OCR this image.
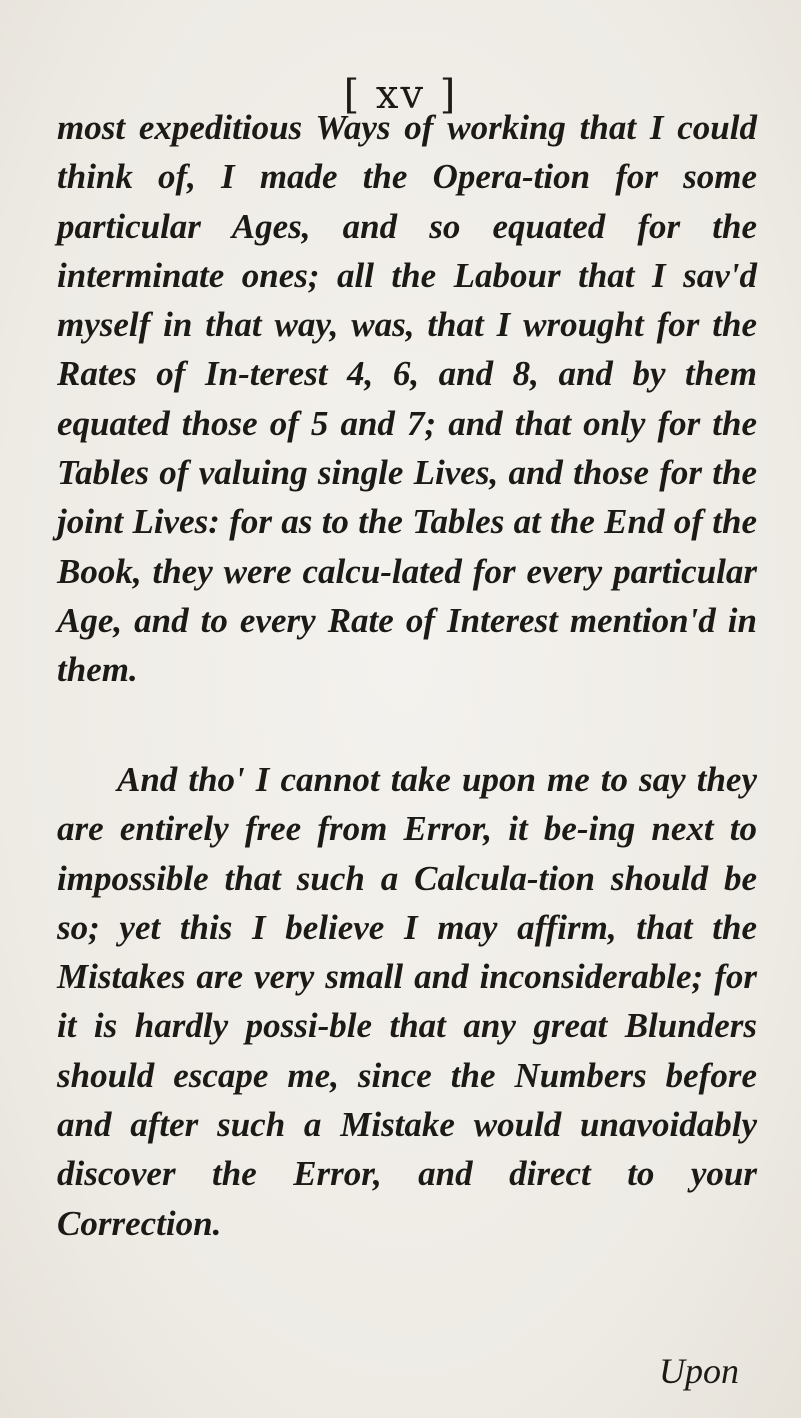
[ xv ]

most expeditious Ways of working that I could think of, I made the Opera-tion for some particular Ages, and so equated for the interminate ones; all the Labour that I sav'd myself in that way, was, that I wrought for the Rates of In-terest 4, 6, and 8, and by them equated those of 5 and 7; and that only for the Tables of valuing single Lives, and those for the joint Lives: for as to the Tables at the End of the Book, they were calcu-lated for every particular Age, and to every Rate of Interest mention'd in them.

And tho' I cannot take upon me to say they are entirely free from Error, it be-ing next to impossible that such a Calcula-tion should be so; yet this I believe I may affirm, that the Mistakes are very small and inconsiderable; for it is hardly possi-ble that any great Blunders should escape me, since the Numbers before and after such a Mistake would unavoidably discover the Error, and direct to your Correction.

Upon
